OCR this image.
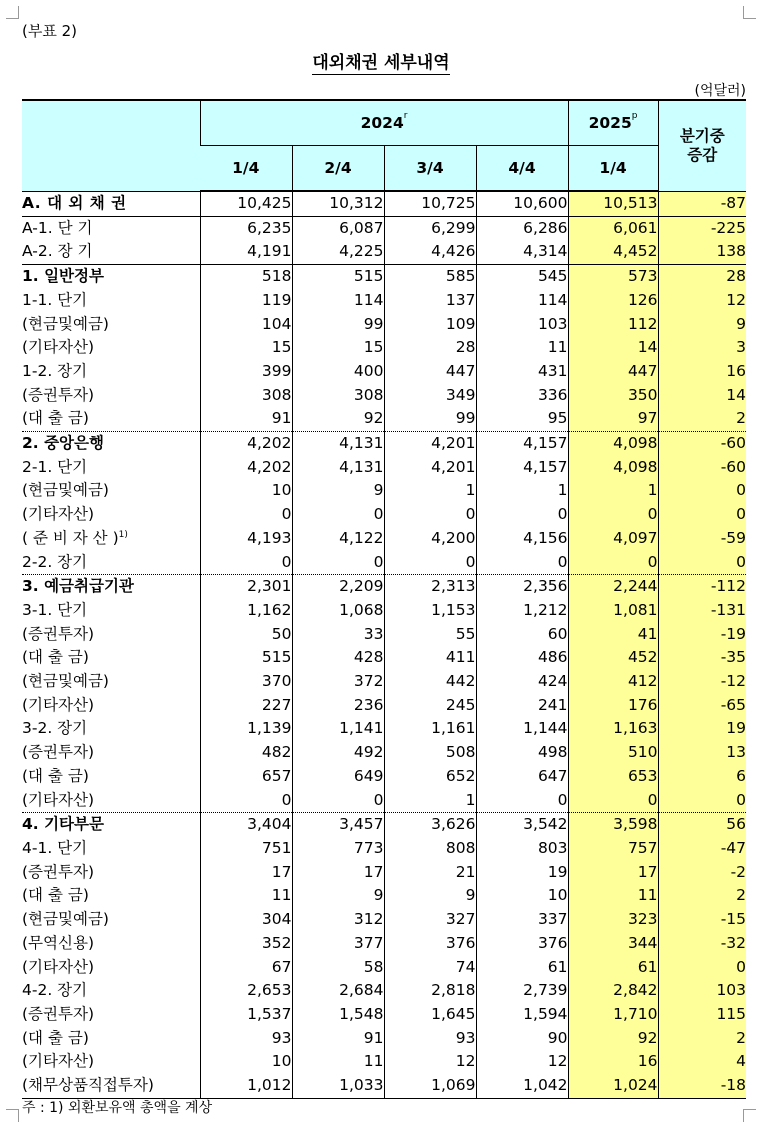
(부표 2)
대외채권 세부내역
(억달러)
	2024$^r$				2025$^p$	분기중
증감
	1/4	2/4	3/4	4/4	1/4	
A. 대 외 채 권	10,425	10,312	10,725	10,600	10,513	-87
A-1. 단 기	6,235	6,087	6,299	6,286	6,061	-225
A-2. 장 기	4,191	4,225	4,426	4,314	4,452	138
1. 일반정부	518	515	585	545	573	28
1-1. 단기	119	114	137	114	126	12
(현금및예금)	104	99	109	103	112	9
(기타자산)	15	15	28	11	14	3
1-2. 장기	399	400	447	431	447	16
(증권투자)	308	308	349	336	350	14
(대 출 금)	91	92	99	95	97	2
2. 중앙은행	4,202	4,131	4,201	4,157	4,098	-60
2-1. 단기	4,202	4,131	4,201	4,157	4,098	-60
(현금및예금)	10	9	1	1	1	0
(기타자산)	0	0	0	0	0	0
( 준 비 자 산 )$^{1)}$	4,193	4,122	4,200	4,156	4,097	-59
2-2. 장기	0	0	0	0	0	0
3. 예금취급기관	2,301	2,209	2,313	2,356	2,244	-112
3-1. 단기	1,162	1,068	1,153	1,212	1,081	-131
(증권투자)	50	33	55	60	41	-19
(대 출 금)	515	428	411	486	452	-35
(현금및예금)	370	372	442	424	412	-12
(기타자산)	227	236	245	241	176	-65
3-2. 장기	1,139	1,141	1,161	1,144	1,163	19
(증권투자)	482	492	508	498	510	13
(대 출 금)	657	649	652	647	653	6
(기타자산)	0	0	1	0	0	0
4. 기타부문	3,404	3,457	3,626	3,542	3,598	56
4-1. 단기	751	773	808	803	757	-47
(증권투자)	17	17	21	19	17	-2
(대 출 금)	11	9	9	10	11	2
(현금및예금)	304	312	327	337	323	-15
(무역신용)	352	377	376	376	344	-32
(기타자산)	67	58	74	61	61	0
4-2. 장기	2,653	2,684	2,818	2,739	2,842	103
(증권투자)	1,537	1,548	1,645	1,594	1,710	115
(대 출 금)	93	91	93	90	92	2
(기타자산)	10	11	12	12	16	4
(채무상품직접투자)	1,012	1,033	1,069	1,042	1,024	-18
주 : 1) 외환보유액 총액을 계상
